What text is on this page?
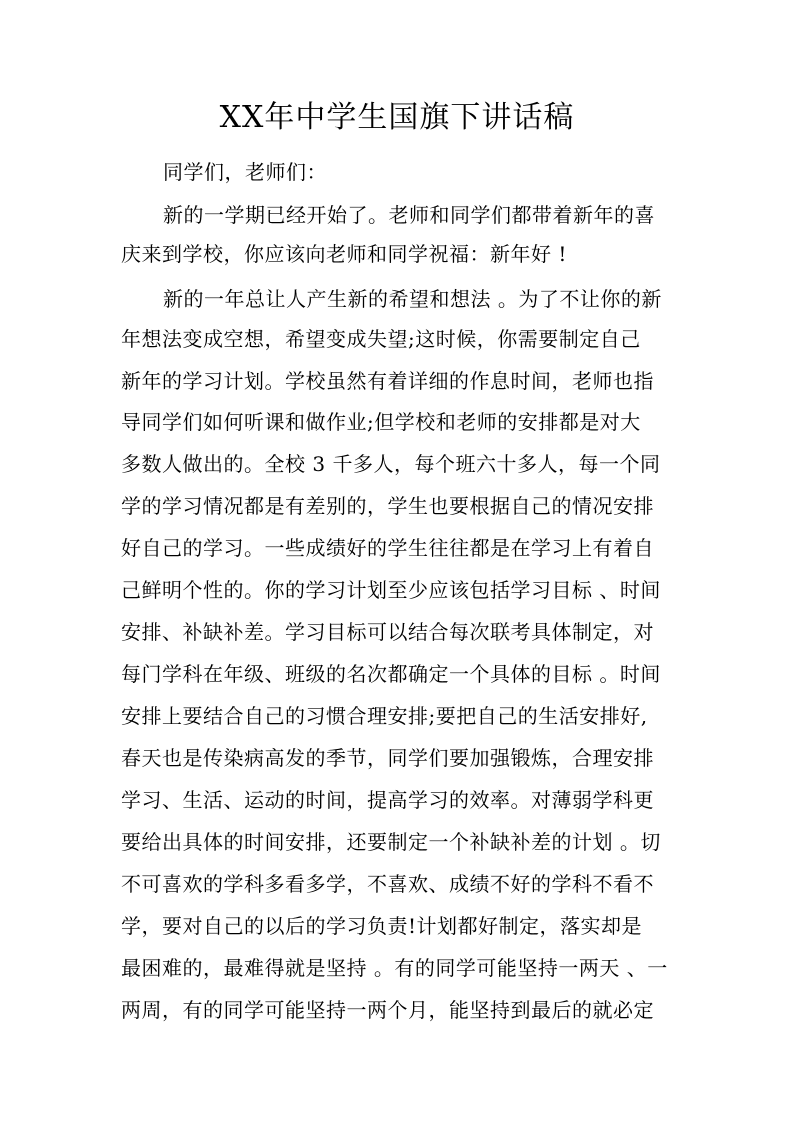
XX年中学生国旗下讲话稿

同学们，老师们：

新的一学期已经开始了。老师和同学们都带着新年的喜

庆来到学校，你应该向老师和同学祝福：新年好 !

新的一年总让人产生新的希望和想法 。为了不让你的新

年想法变成空想，希望变成失望;这时候，你需要制定自己

新年的学习计划。学校虽然有着详细的作息时间，老师也指

导同学们如何听课和做作业;但学校和老师的安排都是对大

多数人做出的。全校 3 千多人，每个班六十多人，每一个同

学的学习情况都是有差别的，学生也要根据自己的情况安排

好自己的学习。一些成绩好的学生往往都是在学习上有着自

己鲜明个性的。你的学习计划至少应该包括学习目标 、时间

安排、补缺补差。学习目标可以结合每次联考具体制定，对

每门学科在年级、班级的名次都确定一个具体的目标 。时间

安排上要结合自己的习惯合理安排;要把自己的生活安排好,

春天也是传染病高发的季节，同学们要加强锻炼，合理安排

学习、生活、运动的时间，提高学习的效率。对薄弱学科更

要给出具体的时间安排，还要制定一个补缺补差的计划 。切

不可喜欢的学科多看多学，不喜欢、成绩不好的学科不看不

学，要对自己的以后的学习负责!计划都好制定，落实却是

最困难的，最难得就是坚持 。有的同学可能坚持一两天 、一

两周，有的同学可能坚持一两个月，能坚持到最后的就必定
